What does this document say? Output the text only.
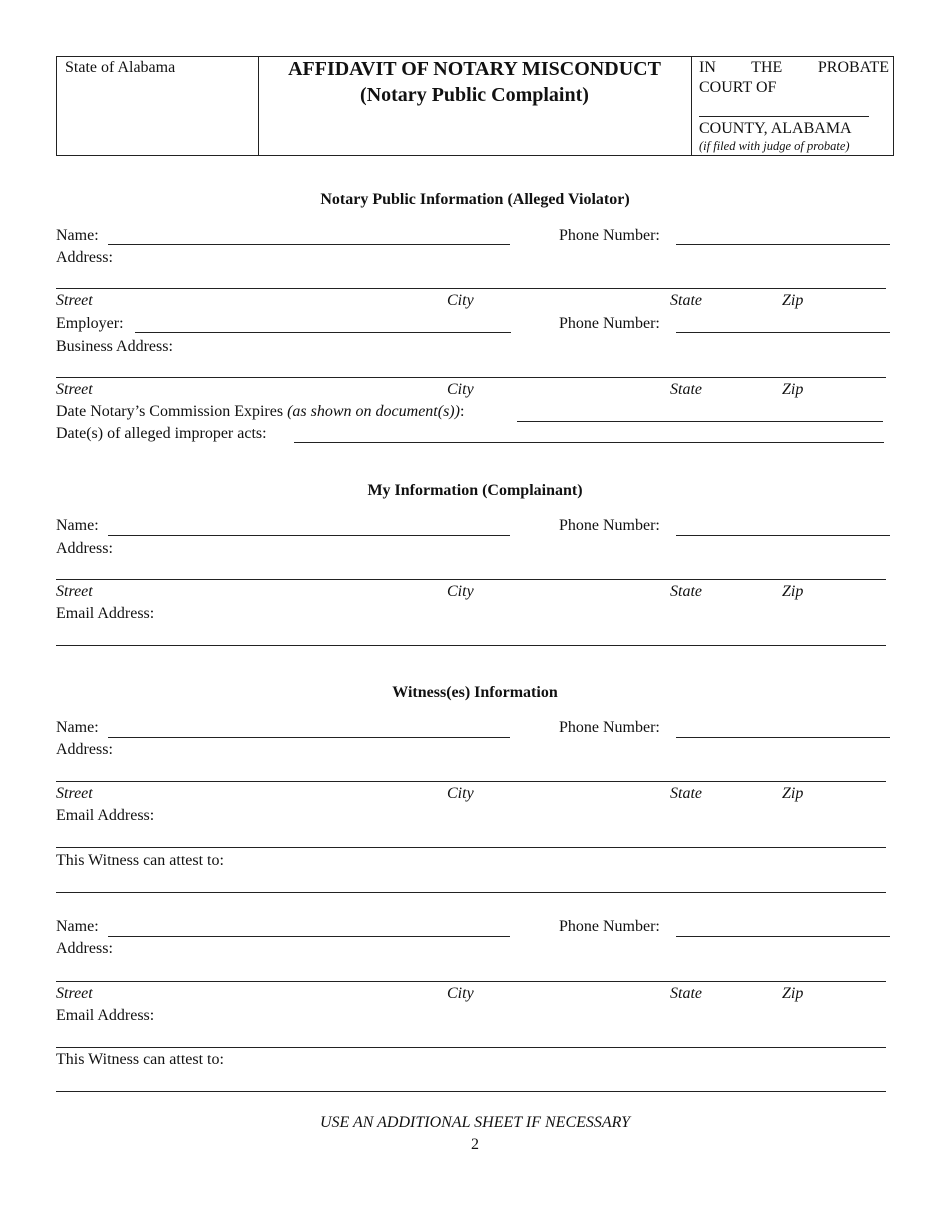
State of Alabama	AFFIDAVIT OF NOTARY MISCONDUCT
(Notary Public Complaint)
IN THE PROBATE
COURT OF
COUNTY, ALABAMA
(if filed with judge of probate)
Notary Public Information (Alleged Violator)
Name:	Phone Number:
Address:
Street	City	State	Zip
Employer:	Phone Number:
Business Address:
Street	City	State	Zip
Date Notary’s Commission Expires (as shown on document(s)):
Date(s) of alleged improper acts:
My Information (Complainant)
Name:	Phone Number:
Address:
Street	City	State	Zip
Email Address:
Witness(es) Information
Name:	Phone Number:
Address:
Street	City	State	Zip
Email Address:
This Witness can attest to:
Name:	Phone Number:
Address:
Street	City	State	Zip
Email Address:
This Witness can attest to:
USE AN ADDITIONAL SHEET IF NECESSARY
2
